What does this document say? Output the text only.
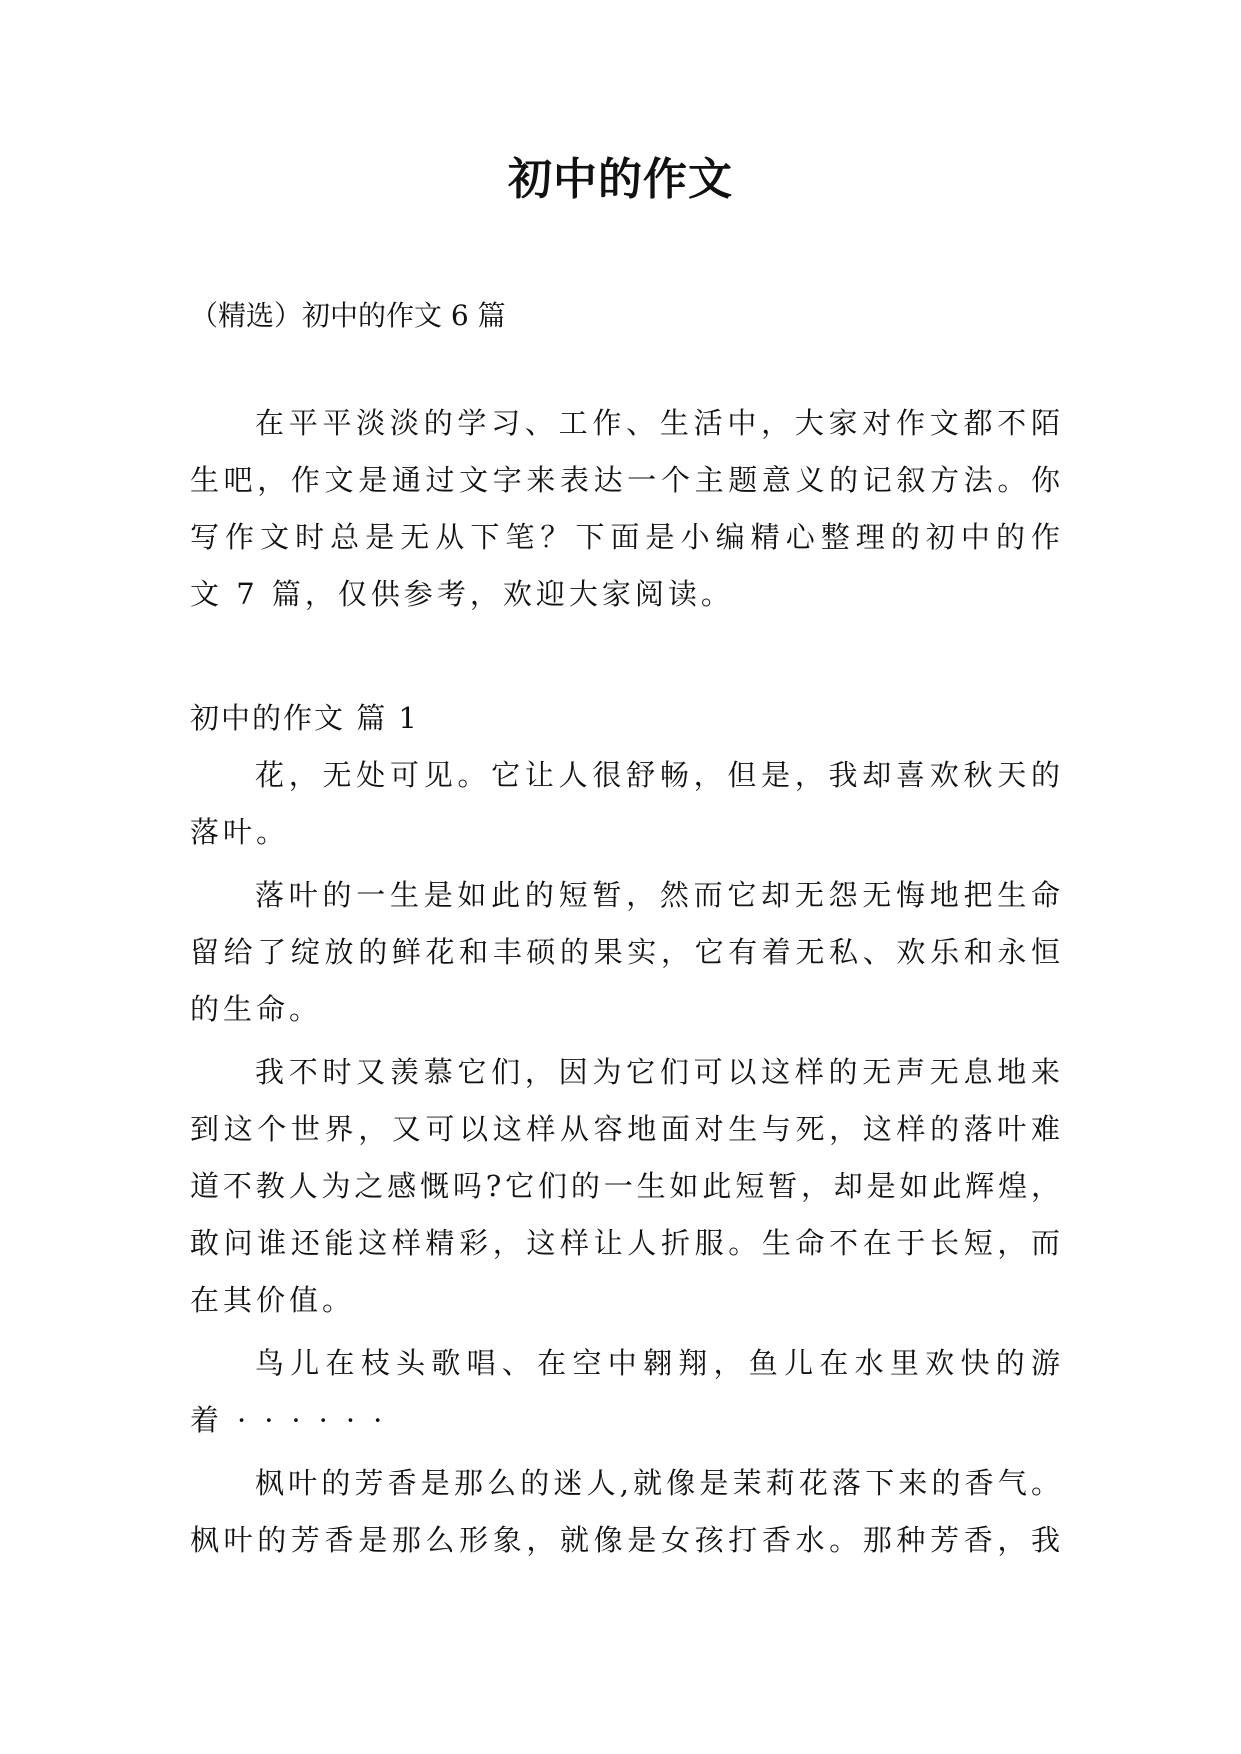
初中的作文
（精选）初中的作文 6 篇
在平平淡淡的学习、工作、生活中，大家对作文都不陌
生吧，作文是通过文字来表达一个主题意义的记叙方法。你
写作文时总是无从下笔？下面是小编精心整理的初中的作
文 7 篇，仅供参考，欢迎大家阅读。
初中的作文 篇 1
花，无处可见。它让人很舒畅，但是，我却喜欢秋天的
落叶。
落叶的一生是如此的短暂，然而它却无怨无悔地把生命
留给了绽放的鲜花和丰硕的果实，它有着无私、欢乐和永恒
的生命。
我不时又羡慕它们，因为它们可以这样的无声无息地来
到这个世界，又可以这样从容地面对生与死，这样的落叶难
道不教人为之感慨吗?它们的一生如此短暂，却是如此辉煌，
敢问谁还能这样精彩，这样让人折服。生命不在于长短，而
在其价值。
鸟儿在枝头歌唱、在空中翱翔，鱼儿在水里欢快的游
着······
枫叶的芳香是那么的迷人,就像是茉莉花落下来的香气。
枫叶的芳香是那么形象，就像是女孩打香水。那种芳香，我
